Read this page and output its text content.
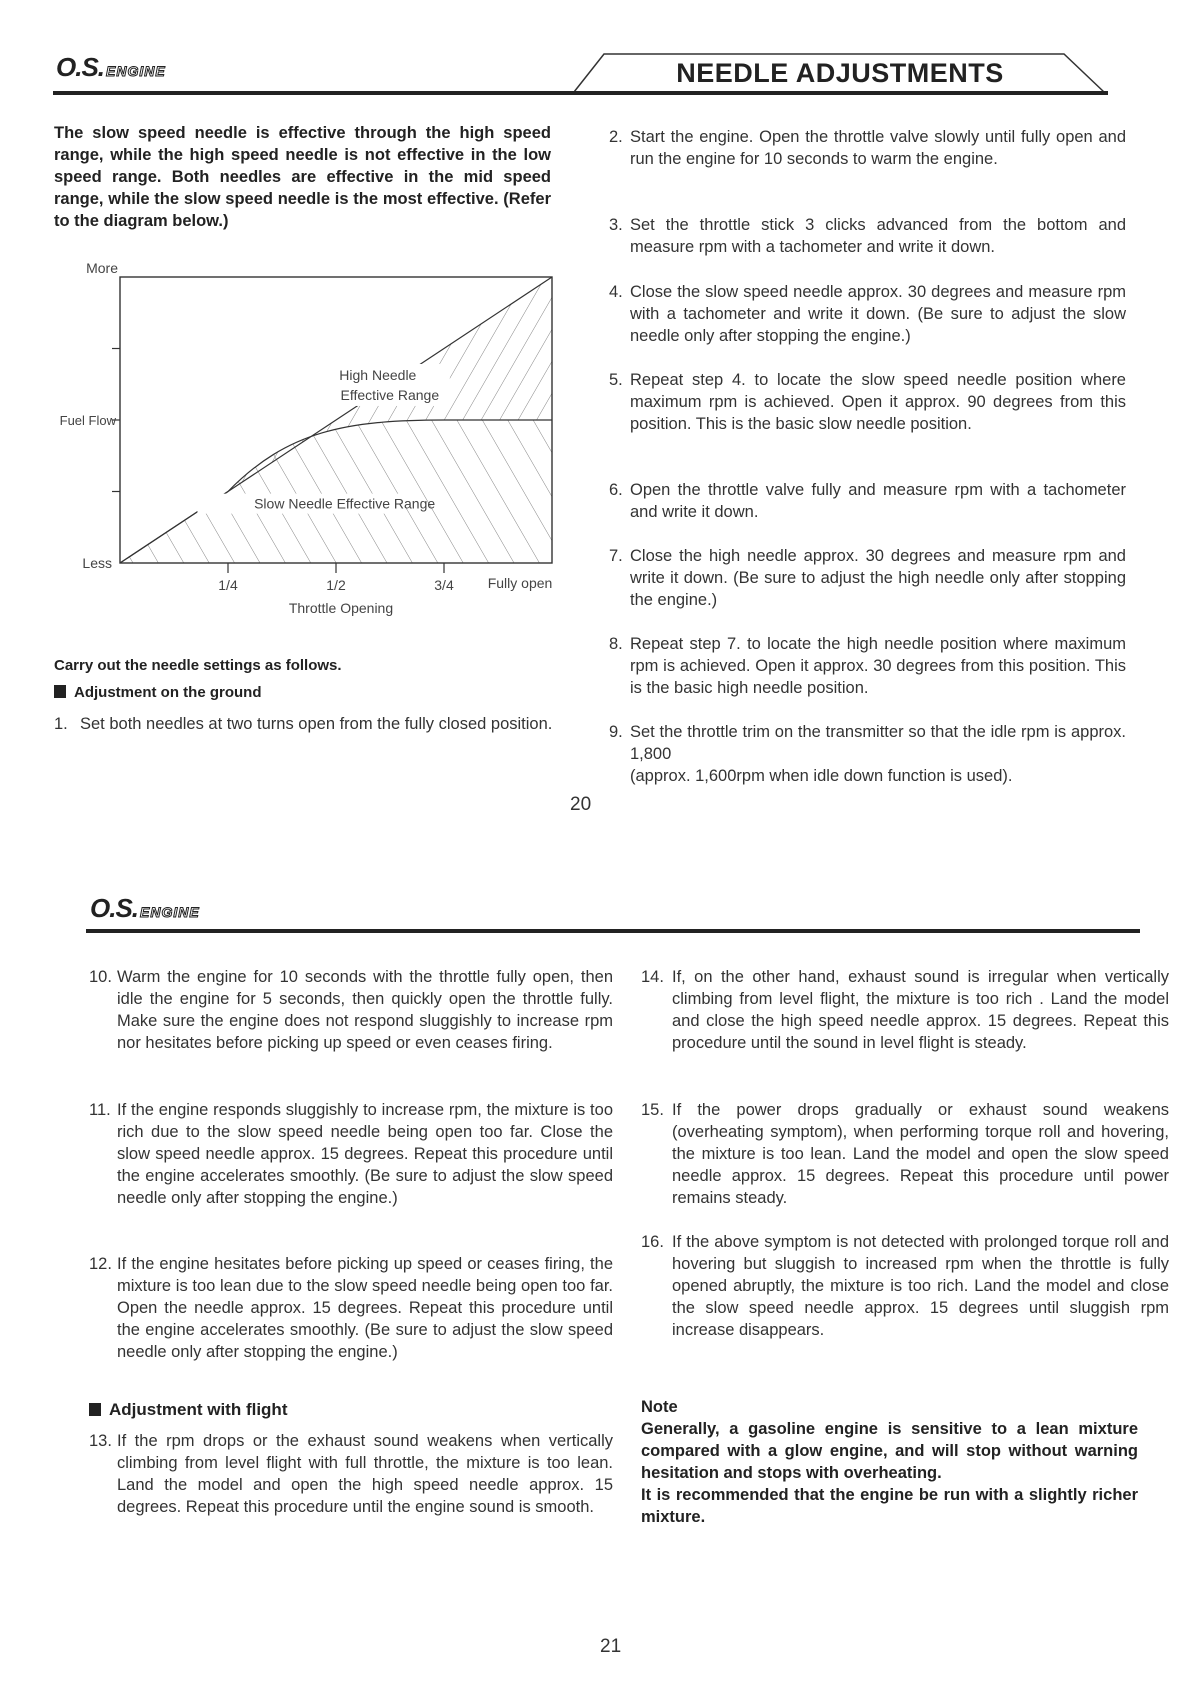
O.S. ENGINE	NEEDLE ADJUSTMENTS
The slow speed needle is effective through the high speed range, while the high speed needle is not effective in the low speed range. Both needles are effective in the mid speed range, while the slow speed needle is the most effective. (Refer to the diagram below.)
More
Less
Fuel Flow
1/4	1/2	3/4 Fully open
Throttle Opening
High Needle
Effective Range
Slow Needle Effective Range
Carry out the needle settings as follows.
Adjustment on the ground
1. Set both needles at two turns open from the fully closed position.
2. Start the engine. Open the throttle valve slowly until fully open and run the engine for 10 seconds to warm the engine.
3. Set the throttle stick 3 clicks advanced from the bottom and measure rpm with a tachometer and write it down.
4. Close the slow speed needle approx. 30 degrees and measure rpm with a tachometer and write it down. (Be sure to adjust the slow needle only after stopping the engine.)
5. Repeat step 4. to locate the slow speed needle position where maximum rpm is achieved. Open it approx. 90 degrees from this position. This is the basic slow needle position.
6. Open the throttle valve fully and measure rpm with a tachometer and write it down.
7. Close the high needle approx. 30 degrees and measure rpm and write it down. (Be sure to adjust the high needle only after stopping the engine.)
8. Repeat step 7. to locate the high needle position where maximum rpm is achieved. Open it approx. 30 degrees from this position. This is the basic high needle position.
9. Set the throttle trim on the transmitter so that the idle rpm is approx. 1,800
(approx. 1,600rpm when idle down function is used).
20
O.S. ENGINE
10. Warm the engine for 10 seconds with the throttle fully open, then idle the engine for 5 seconds, then quickly open the throttle fully. Make sure the engine does not respond sluggishly to increase rpm nor hesitates before picking up speed or even ceases firing.
11. If the engine responds sluggishly to increase rpm, the mixture is too rich due to the slow speed needle being open too far. Close the slow speed needle approx. 15 degrees. Repeat this procedure until the engine accelerates smoothly. (Be sure to adjust the slow speed needle only after stopping the engine.)
12. If the engine hesitates before picking up speed or ceases firing, the mixture is too lean due to the slow speed needle being open too far. Open the needle approx. 15 degrees. Repeat this procedure until the engine accelerates smoothly. (Be sure to adjust the slow speed needle only after stopping the engine.)
Adjustment with flight
13. If the rpm drops or the exhaust sound weakens when vertically climbing from level flight with full throttle, the mixture is too lean. Land the model and open the high speed needle approx. 15 degrees. Repeat this procedure until the engine sound is smooth.
14. If, on the other hand, exhaust sound is irregular when vertically climbing from level flight, the mixture is too rich . Land the model and close the high speed needle approx. 15 degrees. Repeat this procedure until the sound in level flight is steady.
15. If the power drops gradually or exhaust sound weakens (overheating symptom), when performing torque roll and hovering, the mixture is too lean. Land the model and open the slow speed needle approx. 15 degrees. Repeat this procedure until power remains steady.
16. If the above symptom is not detected with prolonged torque roll and hovering but sluggish to increased rpm when the throttle is fully opened abruptly, the mixture is too rich. Land the model and close the slow speed needle approx. 15 degrees until sluggish rpm increase disappears.
Note
Generally, a gasoline engine is sensitive to a lean mixture compared with a glow engine, and will stop without warning hesitation and stops with overheating.
It is recommended that the engine be run with a slightly richer mixture.
21
